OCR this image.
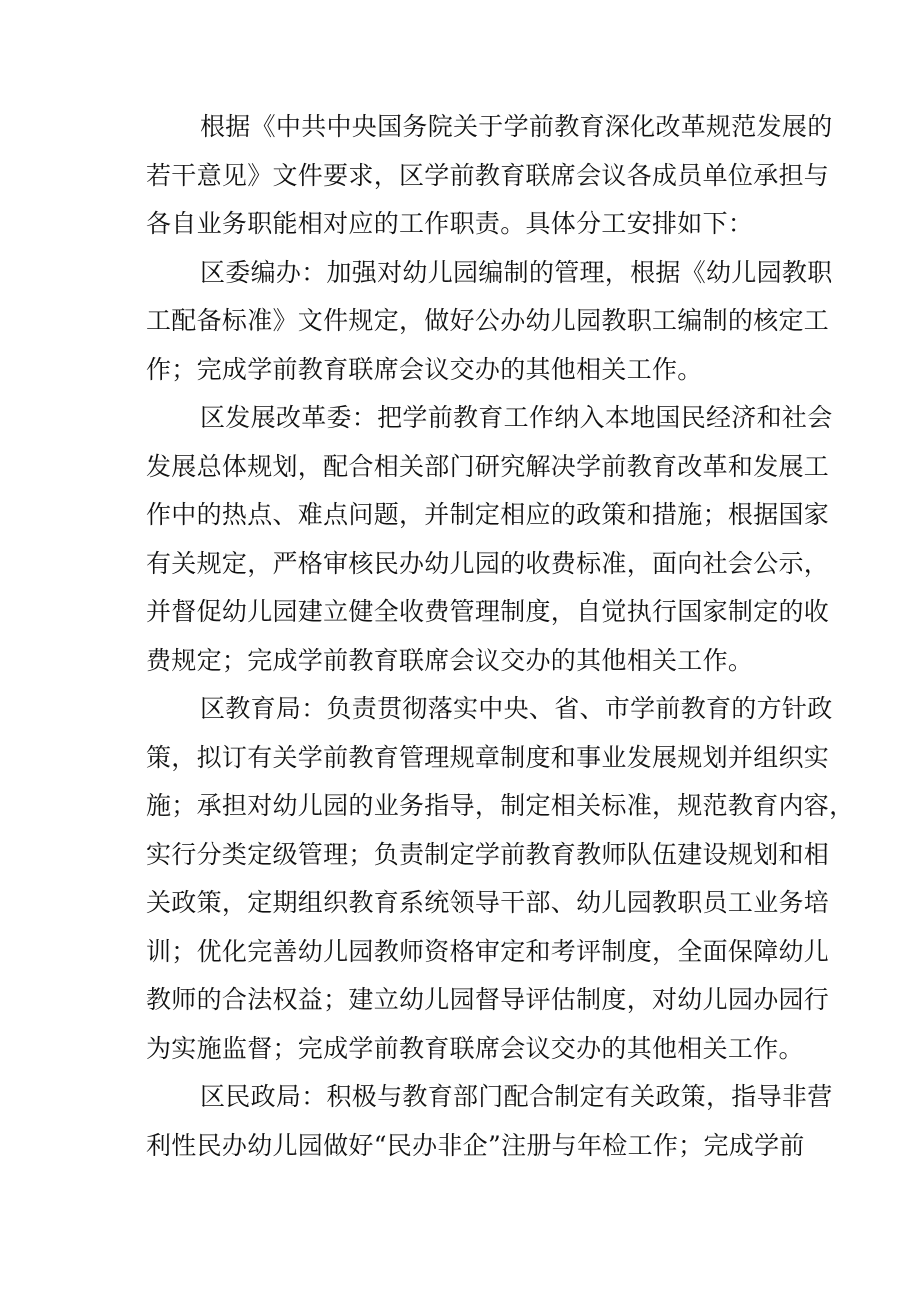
根据《中共中央国务院关于学前教育深化改革规范发展的
若干意见》文件要求，区学前教育联席会议各成员单位承担与
各自业务职能相对应的工作职责。具体分工安排如下：
区委编办：加强对幼儿园编制的管理，根据《幼儿园教职
工配备标准》文件规定，做好公办幼儿园教职工编制的核定工
作；完成学前教育联席会议交办的其他相关工作。
区发展改革委：把学前教育工作纳入本地国民经济和社会
发展总体规划，配合相关部门研究解决学前教育改革和发展工
作中的热点、难点问题，并制定相应的政策和措施；根据国家
有关规定，严格审核民办幼儿园的收费标准，面向社会公示，
并督促幼儿园建立健全收费管理制度，自觉执行国家制定的收
费规定；完成学前教育联席会议交办的其他相关工作。
区教育局：负责贯彻落实中央、省、市学前教育的方针政
策，拟订有关学前教育管理规章制度和事业发展规划并组织实
施；承担对幼儿园的业务指导，制定相关标准，规范教育内容，
实行分类定级管理；负责制定学前教育教师队伍建设规划和相
关政策，定期组织教育系统领导干部、幼儿园教职员工业务培
训；优化完善幼儿园教师资格审定和考评制度，全面保障幼儿
教师的合法权益；建立幼儿园督导评估制度，对幼儿园办园行
为实施监督；完成学前教育联席会议交办的其他相关工作。
区民政局：积极与教育部门配合制定有关政策，指导非营
利性民办幼儿园做好“民办非企”注册与年检工作；完成学前
